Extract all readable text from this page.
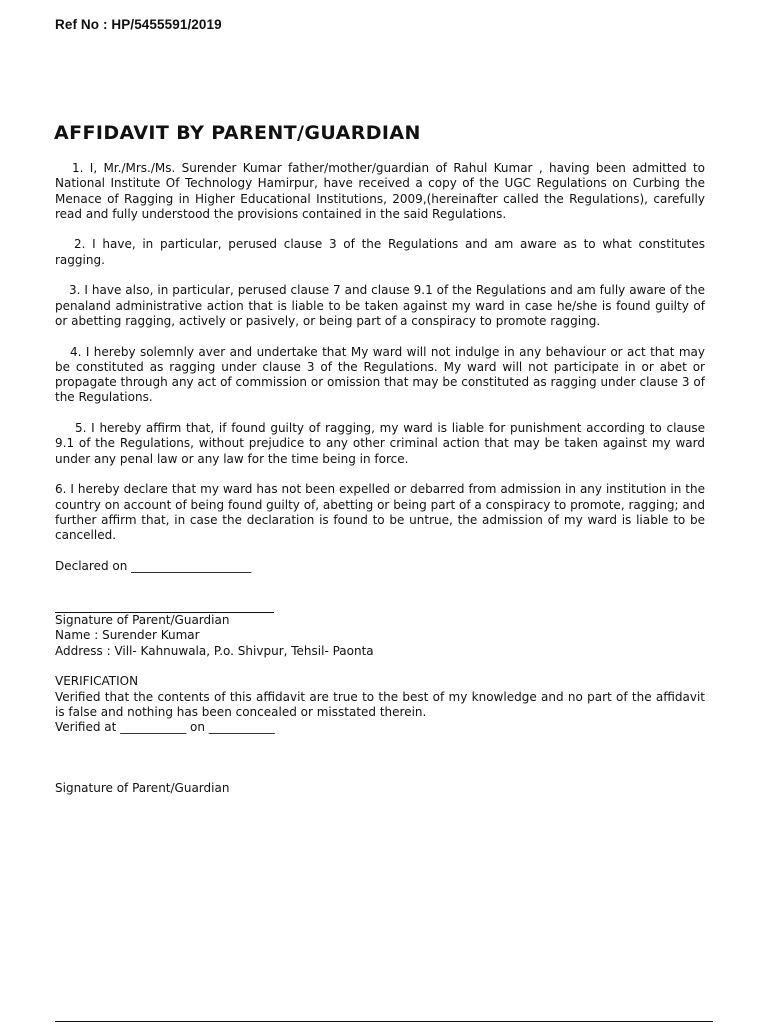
Ref No : HP/5455591/2019
AFFIDAVIT BY PARENT/GUARDIAN

1. I, Mr./Mrs./Ms. Surender Kumar father/mother/guardian of Rahul Kumar , having been admitted to National Institute Of Technology Hamirpur, have received a copy of the UGC Regulations on Curbing the Menace of Ragging in Higher Educational Institutions, 2009,(hereinafter called the Regulations), carefully read and fully understood the provisions contained in the said Regulations.

2. I have, in particular, perused clause 3 of the Regulations and am aware as to what constitutes ragging.

3. I have also, in particular, perused clause 7 and clause 9.1 of the Regulations and am fully aware of the penaland administrative action that is liable to be taken against my ward in case he/she is found guilty of or abetting ragging, actively or pasively, or being part of a conspiracy to promote ragging.

4. I hereby solemnly aver and undertake that My ward will not indulge in any behaviour or act that may be constituted as ragging under clause 3 of the Regulations. My ward will not participate in or abet or propagate through any act of commission or omission that may be constituted as ragging under clause 3 of the Regulations.

5. I hereby affirm that, if found guilty of ragging, my ward is liable for punishment according to clause 9.1 of the Regulations, without prejudice to any other criminal action that may be taken against my ward under any penal law or any law for the time being in force.

6. I hereby declare that my ward has not been expelled or debarred from admission in any institution in the country on account of being found guilty of, abetting or being part of a conspiracy to promote, ragging; and further affirm that, in case the declaration is found to be untrue, the admission of my ward is liable to be cancelled.

Declared on ____________________

Signature of Parent/Guardian

Name : Surender Kumar

Address : Vill- Kahnuwala, P.o. Shivpur, Tehsil- Paonta

VERIFICATION

Verified that the contents of this affidavit are true to the best of my knowledge and no part of the affidavit is false and nothing has been concealed or misstated therein.

Verified at ___________ on ___________

Signature of Parent/Guardian
